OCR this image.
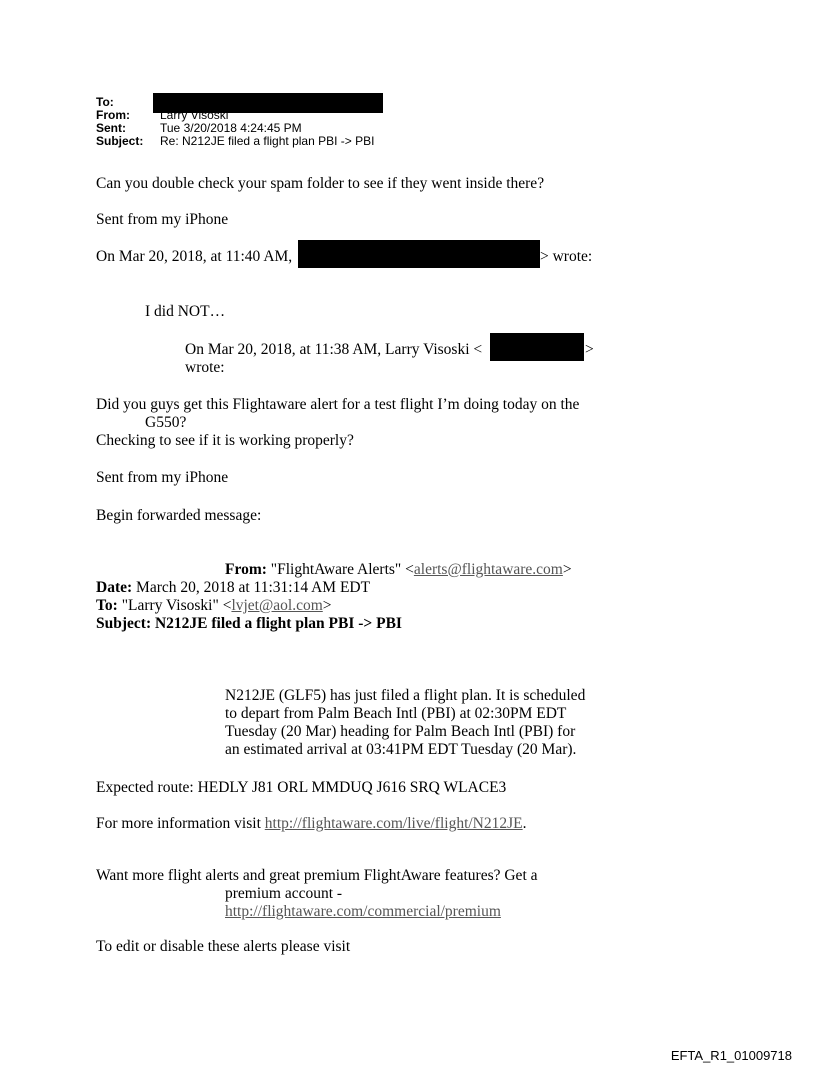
To:
From:	Larry Visoski
Sent:	Tue 3/20/2018 4:24:45 PM
Subject: Re: N212JE filed a flight plan PBI -> PBI
Can you double check your spam folder to see if they went inside there?
Sent from my iPhone
On Mar 20, 2018, at 11:40 AM,	> wrote:
I did NOT…
On Mar 20, 2018, at 11:38 AM, Larry Visoski <	>
wrote:
Did you guys get this Flightaware alert for a test flight I’m doing today on the
G550?
Checking to see if it is working properly?
Sent from my iPhone
Begin forwarded message:
From: "FlightAware Alerts" <alerts@flightaware.com>
Date: March 20, 2018 at 11:31:14 AM EDT
To: "Larry Visoski" <lvjet@aol.com>
Subject: N212JE filed a flight plan PBI -> PBI
N212JE (GLF5) has just filed a flight plan. It is scheduled
to depart from Palm Beach Intl (PBI) at 02:30PM EDT
Tuesday (20 Mar) heading for Palm Beach Intl (PBI) for
an estimated arrival at 03:41PM EDT Tuesday (20 Mar).
Expected route: HEDLY J81 ORL MMDUQ J616 SRQ WLACE3
For more information visit http://flightaware.com/live/flight/N212JE.
Want more flight alerts and great premium FlightAware features? Get a
premium account -
http://flightaware.com/commercial/premium
To edit or disable these alerts please visit
EFTA_R1_01009718
